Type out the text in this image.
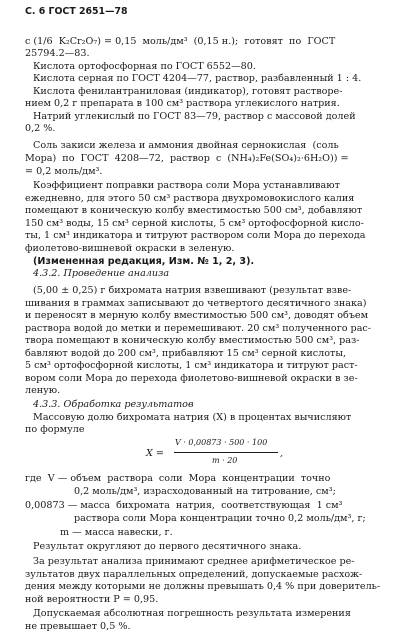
С. 6 ГОСТ 2651—78
c (1/6  K₂Cr₂O₇) = 0,15  моль/дм³  (0,15 н.);  готовят  по  ГОСТ
25794.2—83.
Кислота ортофосфорная по ГОСТ 6552—80.
Кислота серная по ГОСТ 4204—77, раствор, разбавленный 1 : 4.
Кислота фенилантраниловая (индикатор), готовят растворе-
нием 0,2 г препарата в 100 см³ раствора углекислого натрия.
Натрий углекислый по ГОСТ 83—79, раствор с массовой долей
0,2 %.
Соль закиси железа и аммония двойная сернокислая  (соль
Мора)  по  ГОСТ  4208—72,  раствор  c  (NH₄)₂Fe(SO₄)₂·6H₂O)) =
= 0,2 моль/дм³.
Коэффициент поправки раствора соли Мора устанавливают
ежедневно, для этого 50 см³ раствора двухромовокислого калия
помещают в коническую колбу вместимостью 500 см³, добавляют
150 см³ воды, 15 см³ серной кислоты, 5 см³ ортофосфорной кисло-
ты, 1 см³ индикатора и титруют раствором соли Мора до перехода
фиолетово-вишневой окраски в зеленую.
(Измененная редакция, Изм. № 1, 2, 3).
4.3.2. Проведение анализа
(5,00 ± 0,25) г бихромата натрия взвешивают (результат взве-
шивания в граммах записывают до четвертого десятичного знака)
и переносят в мерную колбу вместимостью 500 см³, доводят объем
раствора водой до метки и перемешивают. 20 см³ полученного рас-
твора помещают в коническую колбу вместимостью 500 см³, раз-
бавляют водой до 200 см³, прибавляют 15 см³ серной кислоты,
5 см³ ортофосфорной кислоты, 1 см³ индикатора и титруют раст-
вором соли Мора до перехода фиолетово-вишневой окраски в зе-
леную.
4.3.3. Обработка результатов
Массовую долю бихромата натрия (X) в процентах вычисляют
по формуле
X =
V · 0,00873 · 500 · 100
m · 20
,
где  V — объем  раствора  соли  Мора  концентрации  точно
0,2 моль/дм³, израсходованный на титрование, см³;
0,00873 — масса  бихромата  натрия,  соответствующая  1 см³
раствора соли Мора концентрации точно 0,2 моль/дм³, г;
m — масса навески, г.
Результат округляют до первого десятичного знака.
За результат анализа принимают среднее арифметическое ре-
зультатов двух параллельных определений, допускаемые расхож-
дения между которыми не должны превышать 0,4 % при доверитель-
ной вероятности P = 0,95.
Допускаемая абсолютная погрешность результата измерения
не превышает 0,5 %.
